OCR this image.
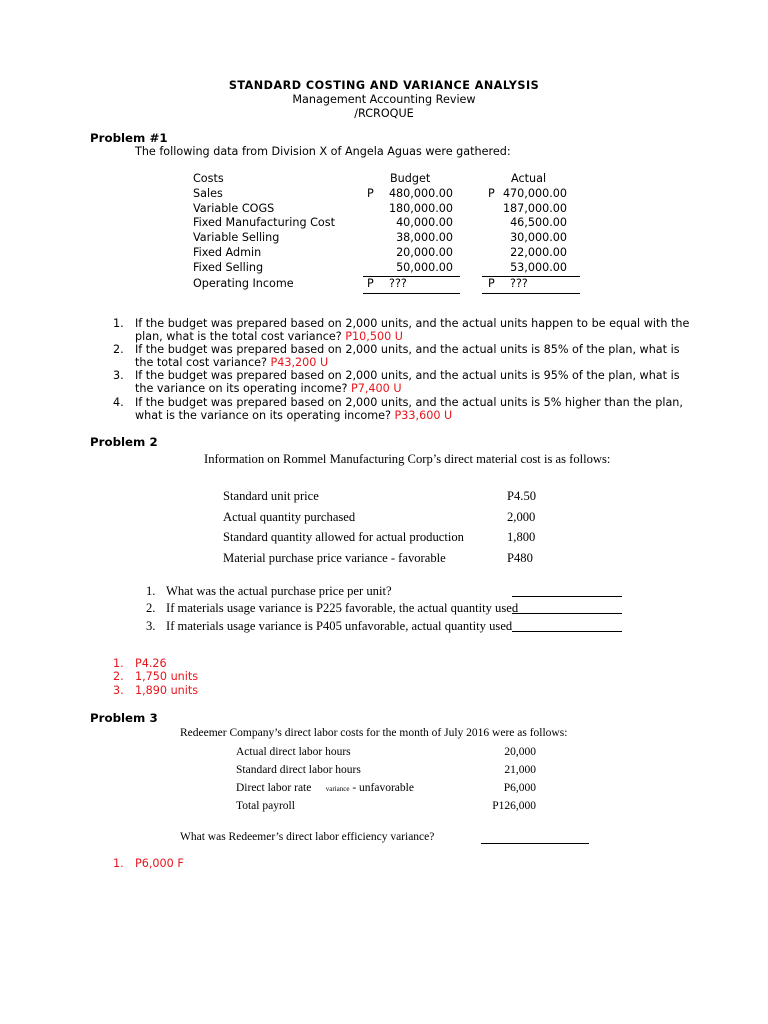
STANDARD COSTING AND VARIANCE ANALYSIS
Management Accounting Review
/RCROQUE
Problem #1
The following data from Division X of Angela Aguas were gathered:
Costs	Budget	Actual
Sales	P	480,000.00	P 470,000.00
Variable COGS	180,000.00	187,000.00
Fixed Manufacturing Cost	40,000.00	46,500.00
Variable Selling	38,000.00	30,000.00
Fixed Admin	20,000.00	22,000.00
Fixed Selling	50,000.00	53,000.00
Operating Income	P ???	P ???
1. If the budget was prepared based on 2,000 units, and the actual units happen to be equal with the
plan, what is the total cost variance? P10,500 U
2. If the budget was prepared based on 2,000 units, and the actual units is 85% of the plan, what is
the total cost variance? P43,200 U
3. If the budget was prepared based on 2,000 units, and the actual units is 95% of the plan, what is
the variance on its operating income? P7,400 U
4. If the budget was prepared based on 2,000 units, and the actual units is 5% higher than the plan,
what is the variance on its operating income? P33,600 U
Problem 2
Information on Rommel Manufacturing Corp’s direct material cost is as follows:
Standard unit price	P4.50
Actual quantity purchased	2,000
Standard quantity allowed for actual production	1,800
Material purchase price variance - favorable	P480
1. What was the actual purchase price per unit?
2. If materials usage variance is P225 favorable, the actual quantity used
3. If materials usage variance is P405 unfavorable, actual quantity used
1. P4.26
2. 1,750 units
3. 1,890 units
Problem 3
Redeemer Company’s direct labor costs for the month of July 2016 were as follows:
Actual direct labor hours	20,000
Standard direct labor hours	21,000
Direct labor rate variance - unfavorable	P6,000
Total payroll	P126,000
What was Redeemer’s direct labor efficiency variance?
1. P6,000 F
